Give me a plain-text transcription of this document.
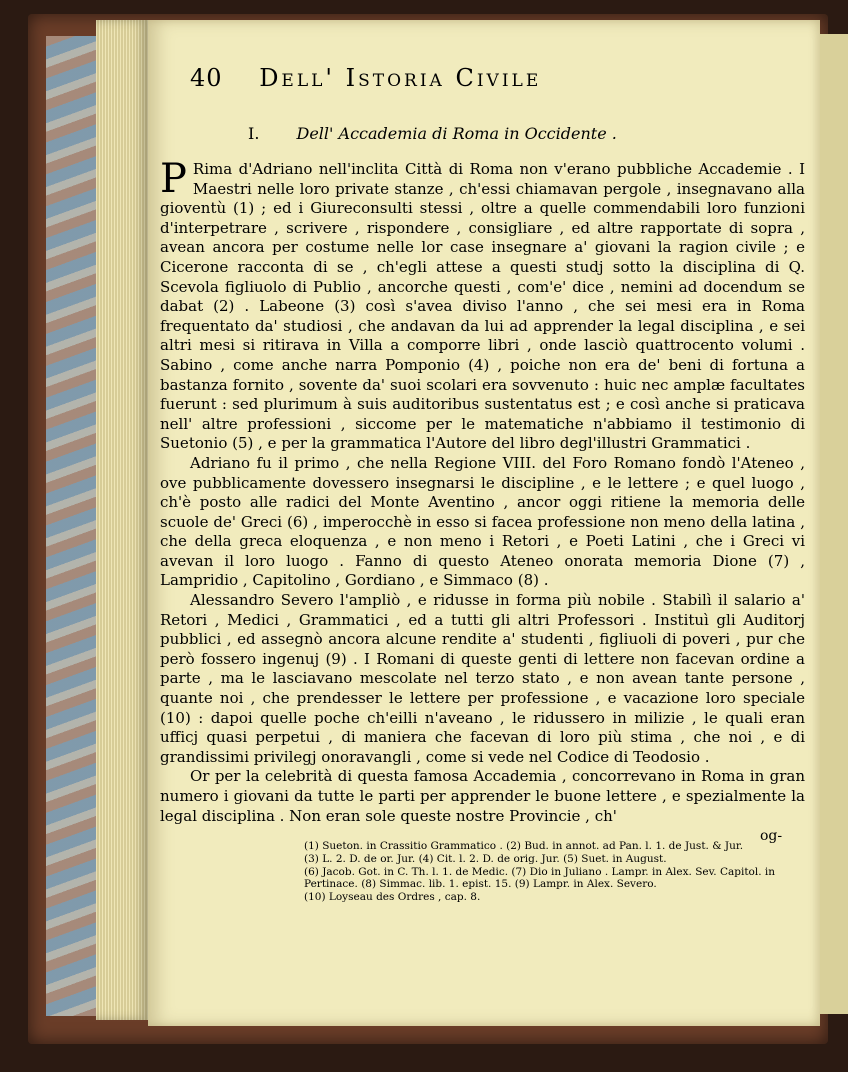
40 Dell' Istoria Civile
I. Dell' Accademia di Roma in Occidente .

P Rima d'Adriano nell'inclita Città di Roma non v'erano pubbliche Accademie . I Maestri nelle loro private stanze , ch'essi chiamavan pergole , insegnavano alla gioventù (1) ; ed i Giureconsulti stessi , oltre a quelle commendabili loro funzioni d'interpetrare , scrivere , rispondere , consigliare , ed altre rapportate di sopra , avean ancora per costume nelle lor case insegnare a' giovani la ragion civile ; e Cicerone racconta di se , ch'egli attese a questi studj sotto la disciplina di Q. Scevola figliuolo di Publio , ancorche questi , com'e' dice , nemini ad docendum se dabat (2) . Labeone (3) così s'avea diviso l'anno , che sei mesi era in Roma frequentato da' studiosi , che andavan da lui ad apprender la legal disciplina , e sei altri mesi si ritirava in Villa a comporre libri , onde lasciò quattrocento volumi . Sabino , come anche narra Pomponio (4) , poiche non era de' beni di fortuna a bastanza fornito , sovente da' suoi scolari era sovvenuto : huic nec amplæ facultates fuerunt : sed plurimum à suis auditoribus sustentatus est ; e così anche si praticava nell' altre professioni , siccome per le matematiche n'abbiamo il testimonio di Suetonio (5) , e per la grammatica l'Autore del libro degl'illustri Grammatici .

Adriano fu il primo , che nella Regione VIII. del Foro Romano fondò l'Ateneo , ove pubblicamente dovessero insegnarsi le discipline , e le lettere ; e quel luogo , ch'è posto alle radici del Monte Aventino , ancor oggi ritiene la memoria delle scuole de' Greci (6) , imperocchè in esso si facea professione non meno della latina , che della greca eloquenza , e non meno i Retori , e Poeti Latini , che i Greci vi avevan il loro luogo . Fanno di questo Ateneo onorata memoria Dione (7) , Lampridio , Capitolino , Gordiano , e Simmaco (8) .

Alessandro Severo l'ampliò , e ridusse in forma più nobile . Stabilì il salario a' Retori , Medici , Grammatici , ed a tutti gli altri Professori . Instituì gli Auditorj pubblici , ed assegnò ancora alcune rendite a' studenti , figliuoli di poveri , pur che però fossero ingenuj (9) . I Romani di queste genti di lettere non facevan ordine a parte , ma le lasciavano mescolate nel terzo stato , e non avean tante persone , quante noi , che prendesser le lettere per professione , e vacazione loro speciale (10) : dapoi quelle poche ch'eilli n'aveano , le ridussero in milizie , le quali eran ufficj quasi perpetui , di maniera che facevan di loro più stima , che noi , e di grandissimi privilegj onoravangli , come si vede nel Codice di Teodosio .

Or per la celebrità di questa famosa Accademia , concorrevano in Roma in gran numero i giovani da tutte le parti per apprender le buone lettere , e spezialmente la legal disciplina . Non eran sole queste nostre Provincie , ch'

og-
(1) Sueton. in Crassitio Grammatico . (2) Bud. in annot. ad Pan. l. 1. de Just. & Jur.
(3) L. 2. D. de or. Jur. (4) Cit. l. 2. D. de orig. Jur. (5) Suet. in August.
(6) Jacob. Got. in C. Th. l. 1. de Medic. (7) Dio in Juliano . Lampr. in Alex. Sev. Capitol. in
Pertinace. (8) Simmac. lib. 1. epist. 15. (9) Lampr. in Alex. Severo.
(10) Loyseau des Ordres , cap. 8.
